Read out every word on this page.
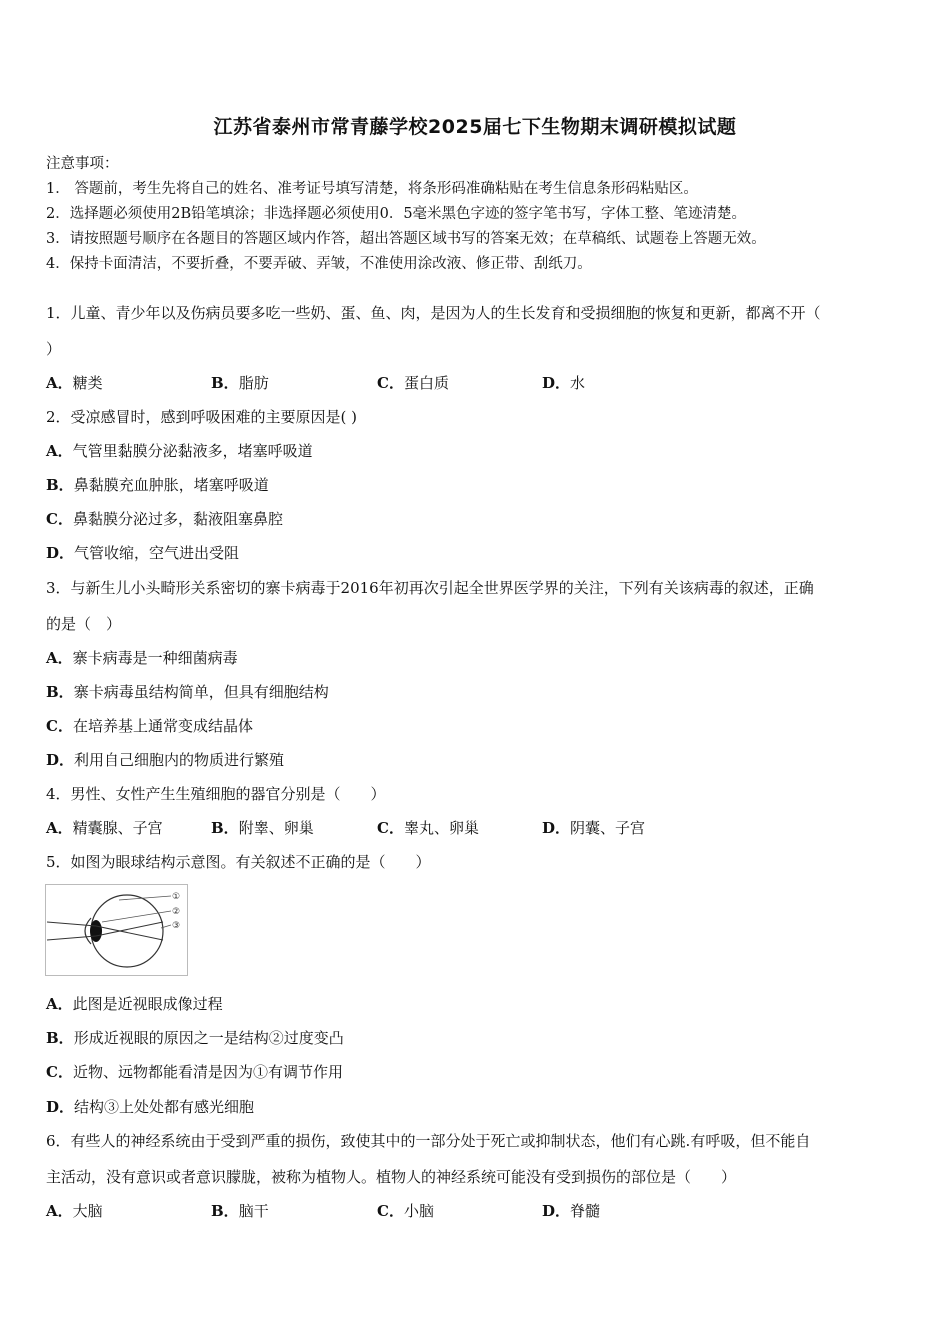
江苏省泰州市常青藤学校2025届七下生物期末调研模拟试题
注意事项：
1． 答题前，考生先将自己的姓名、准考证号填写清楚，将条形码准确粘贴在考生信息条形码粘贴区。
2．选择题必须使用2B铅笔填涂；非选择题必须使用0．5毫米黑色字迹的签字笔书写，字体工整、笔迹清楚。
3．请按照题号顺序在各题目的答题区域内作答，超出答题区域书写的答案无效；在草稿纸、试题卷上答题无效。
4．保持卡面清洁，不要折叠，不要弄破、弄皱，不准使用涂改液、修正带、刮纸刀。
1．儿童、青少年以及伤病员要多吃一些奶、蛋、鱼、肉，是因为人的生长发育和受损细胞的恢复和更新，都离不开（
）
A．糖类	B．脂肪	C．蛋白质	D．水
2．受凉感冒时，感到呼吸困难的主要原因是( )
A．气管里黏膜分泌黏液多，堵塞呼吸道
B．鼻黏膜充血肿胀，堵塞呼吸道
C．鼻黏膜分泌过多，黏液阻塞鼻腔
D．气管收缩，空气进出受阻
3．与新生儿小头畸形关系密切的寨卡病毒于2016年初再次引起全世界医学界的关注，下列有关该病毒的叙述，正确
的是（　）
A．寨卡病毒是一种细菌病毒
B．寨卡病毒虽结构简单，但具有细胞结构
C．在培养基上通常变成结晶体
D．利用自己细胞内的物质进行繁殖
4．男性、女性产生生殖细胞的器官分别是（　　）
A．精囊腺、子宫	B．附睾、卵巢	C．睾丸、卵巢	D．阴囊、子宫
5．如图为眼球结构示意图。有关叙述不正确的是（　　）
①
②
③
A．此图是近视眼成像过程
B．形成近视眼的原因之一是结构②过度变凸
C．近物、远物都能看清是因为①有调节作用
D．结构③上处处都有感光细胞
6．有些人的神经系统由于受到严重的损伤，致使其中的一部分处于死亡或抑制状态，他们有心跳.有呼吸，但不能自
主活动，没有意识或者意识朦胧，被称为植物人。植物人的神经系统可能没有受到损伤的部位是（　　）
A．大脑	B．脑干	C．小脑	D．脊髓
